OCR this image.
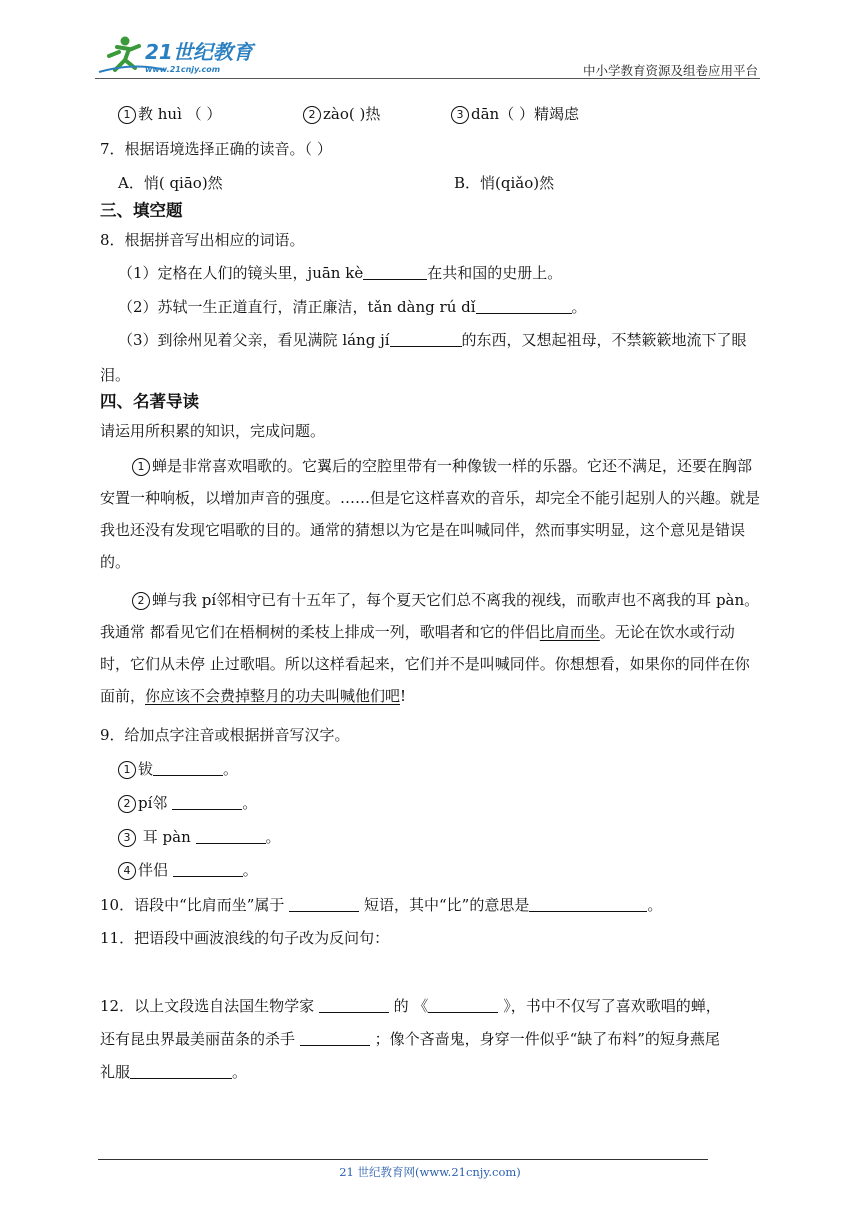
21世纪教育
www.21cnjy.com	中小学教育资源及组卷应用平台
1 教 huì （ ）	2 zào( )热	3 dān（ ）精竭虑
7．根据语境选择正确的读音。（ ）
A．悄( qiāo)然	B．悄(qiǎo)然
三、填空题
8．根据拼音写出相应的词语。
（1）定格在人们的镜头里，juān kè	在共和国的史册上。
（2）苏轼一生正道直行，清正廉洁，tǎn dàng rú dǐ	。
（3）到徐州见着父亲，看见满院 láng jí	的东西，又想起祖母，不禁簌簌地流下了眼
泪。
四、名著导读
请运用所积累的知识，完成问题。
1 蝉是非常喜欢唱歌的。它翼后的空腔里带有一种像钹一样的乐器。它还不满足，还要在胸部安置一种响板，以增加声音的强度。……但是它这样喜欢的音乐，却完全不能引起别人的兴趣。就是我也还没有发现它唱歌的目的。通常的猜想以为它是在叫喊同伴，然而事实明显，这个意见是错误的。
2 蝉与我 pí邻相守已有十五年了，每个夏天它们总不离我的视线，而歌声也不离我的耳 pàn。我通常 都看见它们在梧桐树的柔枝上排成一列，歌唱者和它的伴侣比肩而坐。无论在饮水或行动时，它们从未停 止过歌唱。所以这样看起来，它们并不是叫喊同伴。你想想看，如果你的同伴在你面前，你应该不会费掉整月的功夫叫喊他们吧!
9．给加点字注音或根据拼音写汉字。
1 钹	。
2 pí邻	。
3 耳 pàn	。
4 伴侣	。
10．语段中“比肩而坐”属于	短语，其中“比”的意思是	。
11．把语段中画波浪线的句子改为反问句：
12．以上文段选自法国生物学家	的 《	》，书中不仅写了喜欢歌唱的蝉，
还有昆虫界最美丽苗条的杀手	；像个吝啬鬼，身穿一件似乎“缺了布料”的短身燕尾
礼服	。
21 世纪教育网(www.21cnjy.com)
